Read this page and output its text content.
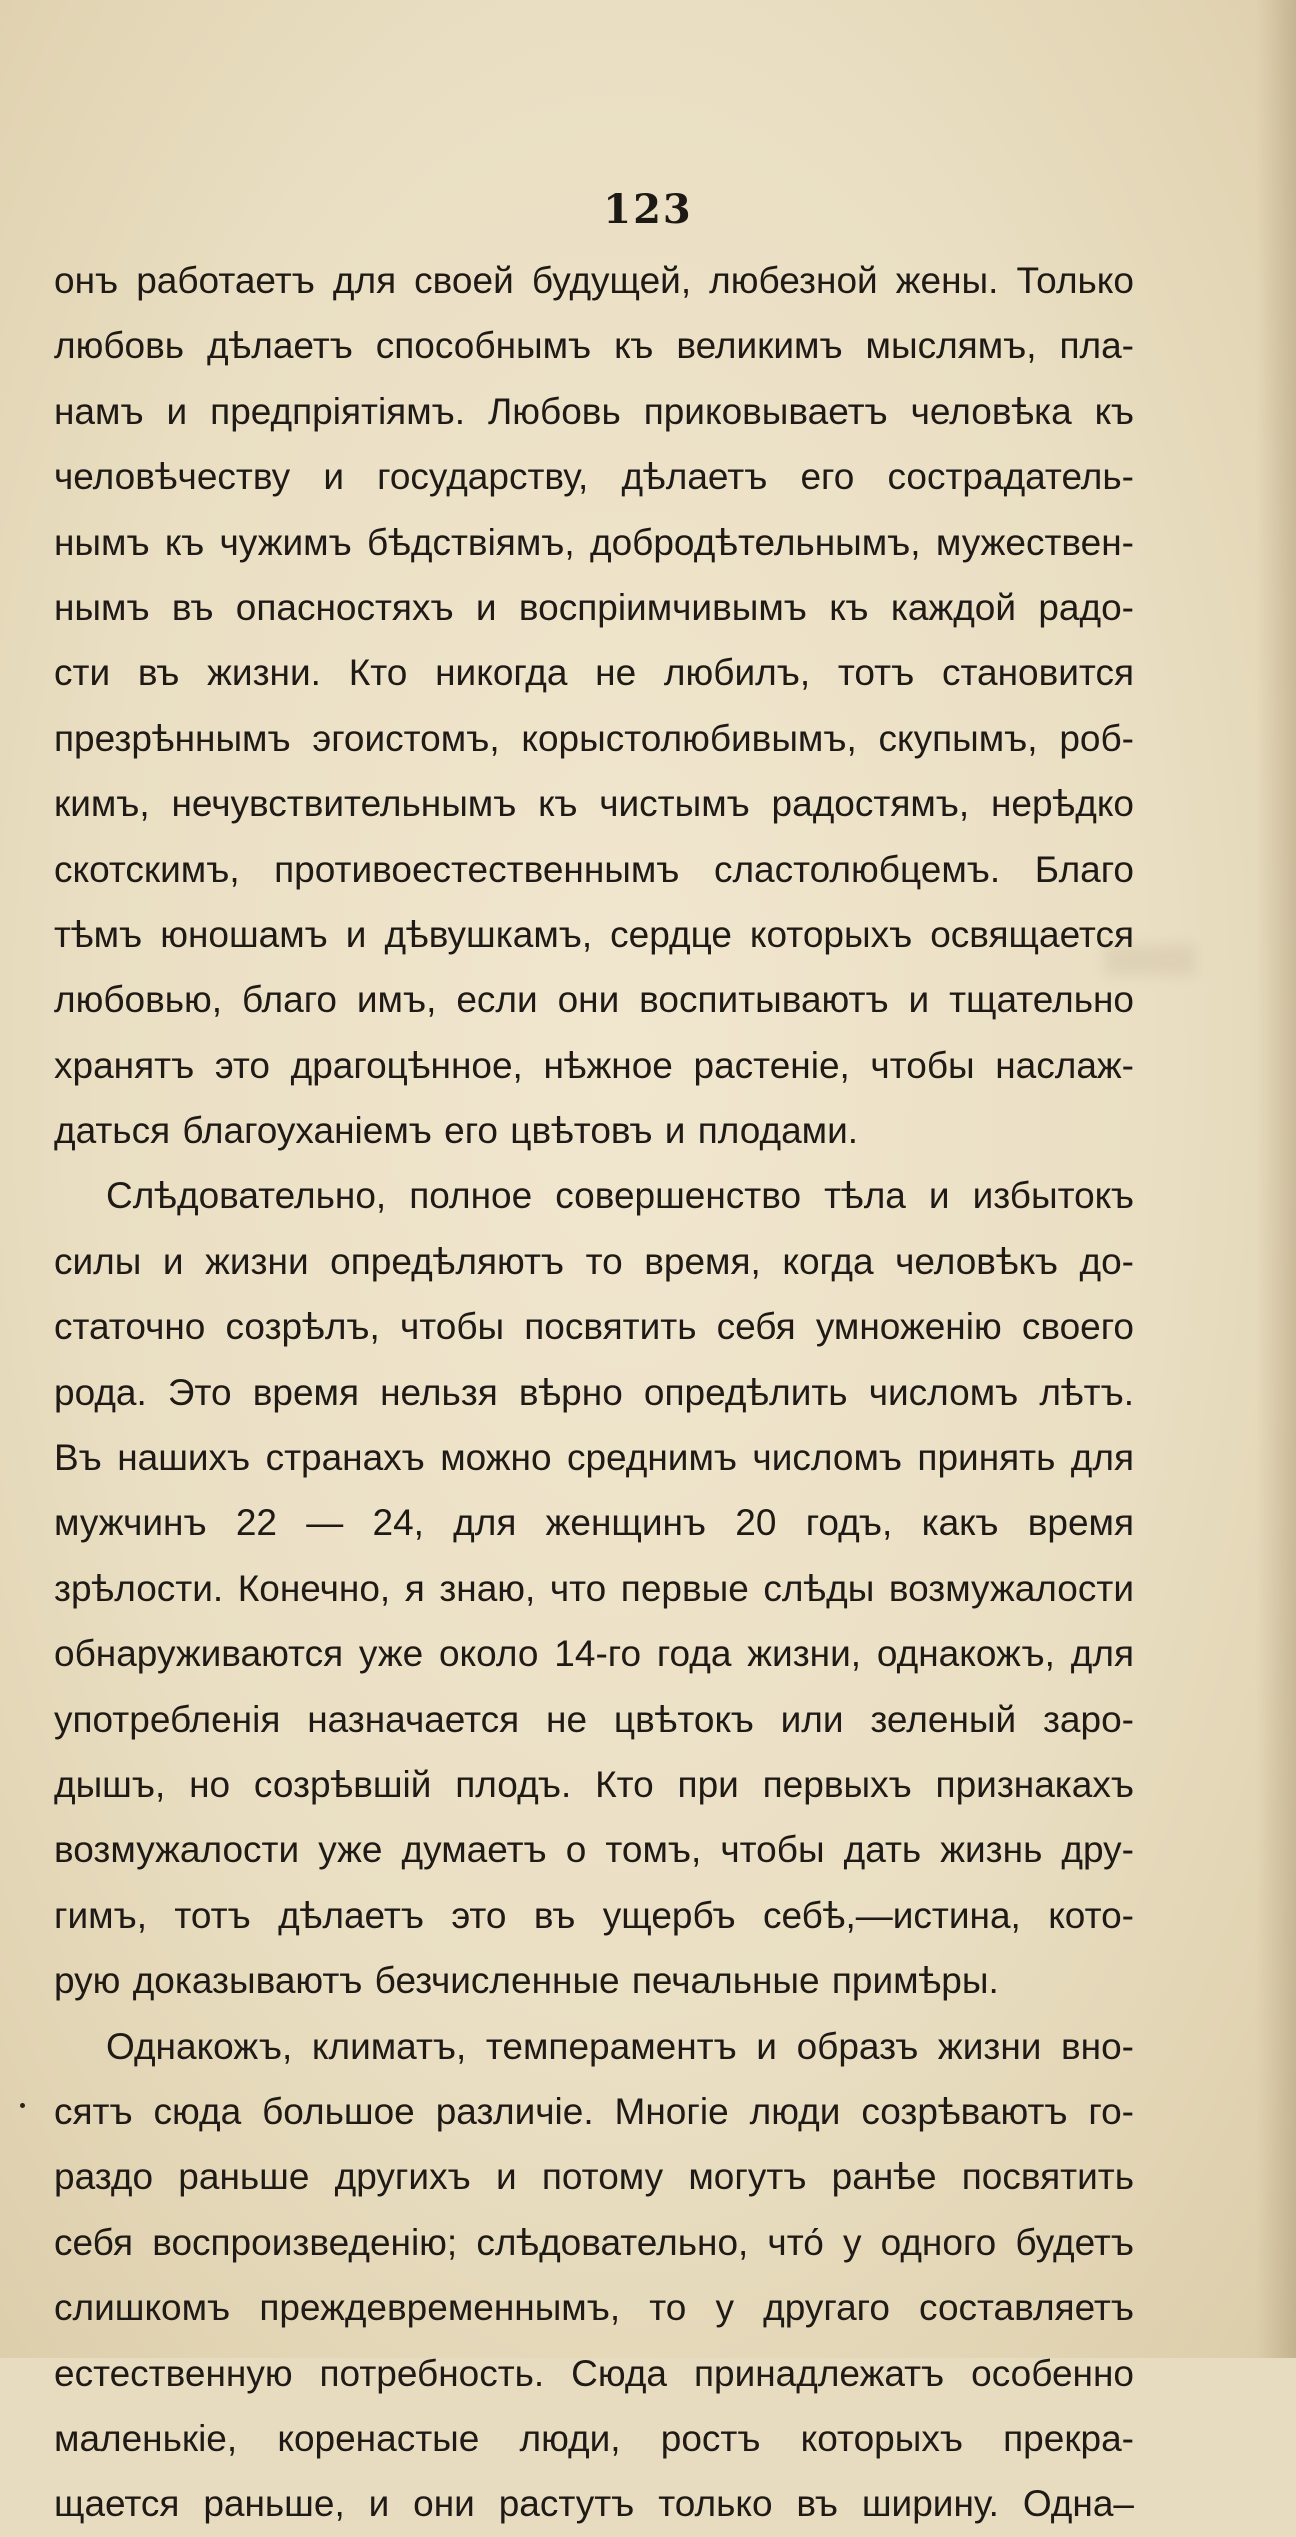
123
онъ работаетъ для своей будущей, любезной жены. Только
любовь дѣлаетъ способнымъ къ великимъ мыслямъ, пла-
намъ и предпріятіямъ. Любовь приковываетъ человѣка къ
человѣчеству и государству, дѣлаетъ его сострадатель-
нымъ къ чужимъ бѣдствіямъ, добродѣтельнымъ, мужествен-
нымъ въ опасностяхъ и воспріимчивымъ къ каждой радо-
сти въ жизни. Кто никогда не любилъ, тотъ становится
презрѣннымъ эгоистомъ, корыстолюбивымъ, скупымъ, роб-
кимъ, нечувствительнымъ къ чистымъ радостямъ, нерѣдко
скотскимъ, противоестественнымъ сластолюбцемъ. Благо
тѣмъ юношамъ и дѣвушкамъ, сердце которыхъ освящается
любовью, благо имъ, если они воспитываютъ и тщательно
хранятъ это драгоцѣнное, нѣжное растеніе, чтобы наслаж-
даться благоуханіемъ его цвѣтовъ и плодами.
Слѣдовательно, полное совершенство тѣла и избытокъ
силы и жизни опредѣляютъ то время, когда человѣкъ до-
статочно созрѣлъ, чтобы посвятить себя умноженію своего
рода. Это время нельзя вѣрно опредѣлить числомъ лѣтъ.
Въ нашихъ странахъ можно среднимъ числомъ принять для
мужчинъ 22 — 24, для женщинъ 20 годъ, какъ время
зрѣлости. Конечно, я знаю, что первые слѣды возмужалости
обнаруживаются уже около 14-го года жизни, однакожъ, для
употребленія назначается не цвѣтокъ или зеленый заро-
дышъ, но созрѣвшій плодъ. Кто при первыхъ признакахъ
возмужалости уже думаетъ о томъ, чтобы дать жизнь дру-
гимъ, тотъ дѣлаетъ это въ ущербъ себѣ,—истина, кото-
рую доказываютъ безчисленные печальные примѣры.
Однакожъ, климатъ, темпераментъ и образъ жизни вно-
сятъ сюда большое различіе. Многіе люди созрѣваютъ го-
раздо раньше другихъ и потому могутъ ранѣе посвятить
себя воспроизведенію; слѣдовательно, что́ у одного будетъ
слишкомъ преждевременнымъ, то у другаго составляетъ
естественную потребность. Сюда принадлежатъ особенно
маленькіе, коренастые люди, ростъ которыхъ прекра-
щается раньше, и они растутъ только въ ширину. Одна–
